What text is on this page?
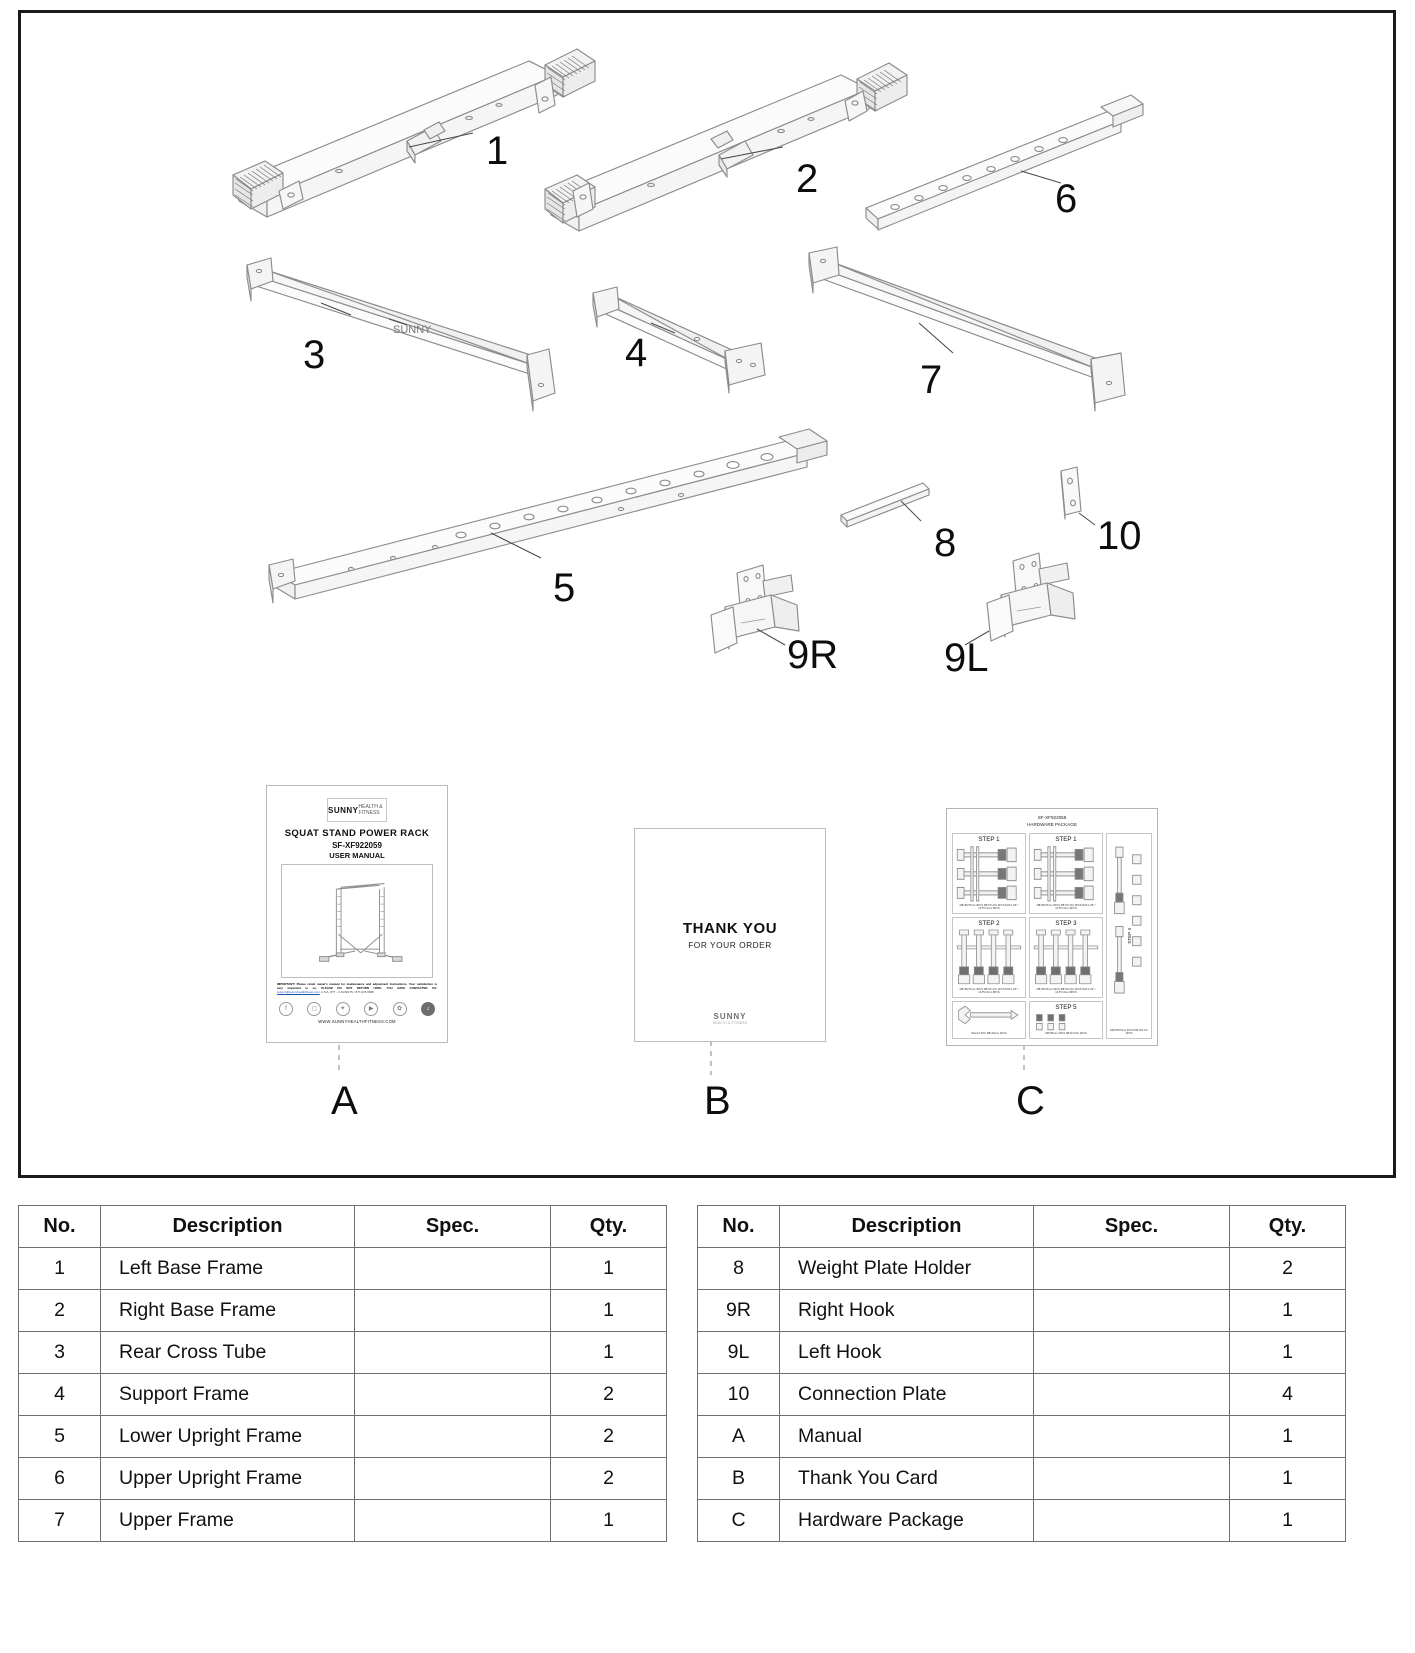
SUNNY
1
2	6
3	4
7
8	10
5
9R	9L
SUNNY HEALTH & FITNESS
SQUAT STAND POWER RACK
SF-XF922059
USER MANUAL
IMPORTANT! Please retain owner's manual for maintenance and adjustment instructions. Your satisfaction is very important to us, PLEASE DO NOT RETURN UNTIL YOU HAVE CONTACTED US: support@sunnyhealthfitness.com U.S.A. 877 - 2-SUNNY5 / 877-278-6695
f	◻	✦	▶	✿	♪
WWW.SUNNYHEALTHFITNESS.COM
THANK YOU
FOR YOUR ORDER
SUNNY
HEALTH & FITNESS
SF-XF922059
HARDWARE PACKAGE
STEP 1
M8×65/70mm 3PCS M8 NYLOC 3PCS M10 1.25" / 10.5*2.0mm 6PCS
STEP 1
M8×65/70mm 3PCS M8 NYLOC 3PCS M10 1.25" / 10.5*2.0mm 6PCS
STEP 2
M8×65/70mm 4PCS M8 NYLOC 4PCS M10 1.25" / 10.5*2.0mm 8PCS
STEP 3
M8×65/70mm 4PCS M8 NYLOC 4PCS M10 1.25" / 10.5*2.0mm 8PCS
Wrench 1PC M8×20mm 2PCS
STEP 5
M8×55mm 2PCS M8 NYLOC 2PCS
STEP 4
M8×65/70mm 4PCS M8 NYLOC 4PCS
A	B	C
No.	Description	Spec.	Qty.
1	Left Base Frame		1
2	Right Base Frame		1
3	Rear Cross Tube		1
4	Support Frame		2
5	Lower Upright Frame		2
6	Upper Upright Frame		2
7	Upper Frame		1
No.	Description	Spec.	Qty.
8	Weight Plate Holder		2
9R	Right Hook		1
9L	Left Hook		1
10	Connection Plate		4
A	Manual		1
B	Thank You Card		1
C	Hardware Package		1
